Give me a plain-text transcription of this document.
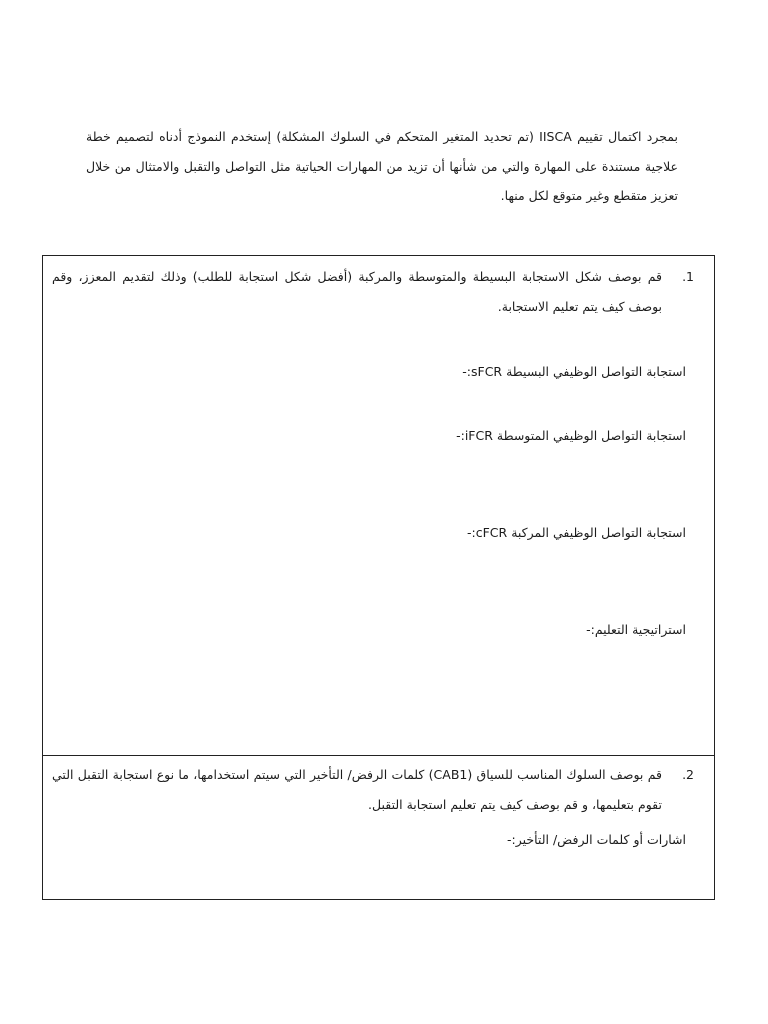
بمجرد اكتمال تقييم IISCA (تم تحديد المتغير المتحكم في السلوك المشكلة) إستخدم النموذج أدناه لتصميم خطة علاجية مستندة على المهارة والتي من شأنها أن تزيد من المهارات الحياتية مثل التواصل والتقبل والامتثال من خلال تعزيز متقطع وغير متوقع لكل منها.

1.
قم بوصف شكل الاستجابة البسيطة والمتوسطة والمركبة (أفضل شكل استجابة للطلب) وذلك لتقديم المعزز، وقم بوصف كيف يتم تعليم الاستجابة.
استجابة التواصل الوظيفي البسيطة sFCR:-
استجابة التواصل الوظيفي المتوسطة iFCR:-
استجابة التواصل الوظيفي المركبة cFCR:-
استراتيجية التعليم:-
2.
قم بوصف السلوك المناسب للسياق (CAB1) كلمات الرفض/ التأخير التي سيتم استخدامها، ما نوع استجابة التقبل التي تقوم بتعليمها، و قم بوصف كيف يتم تعليم استجابة التقبل.
اشارات أو كلمات الرفض/ التأخير:-
